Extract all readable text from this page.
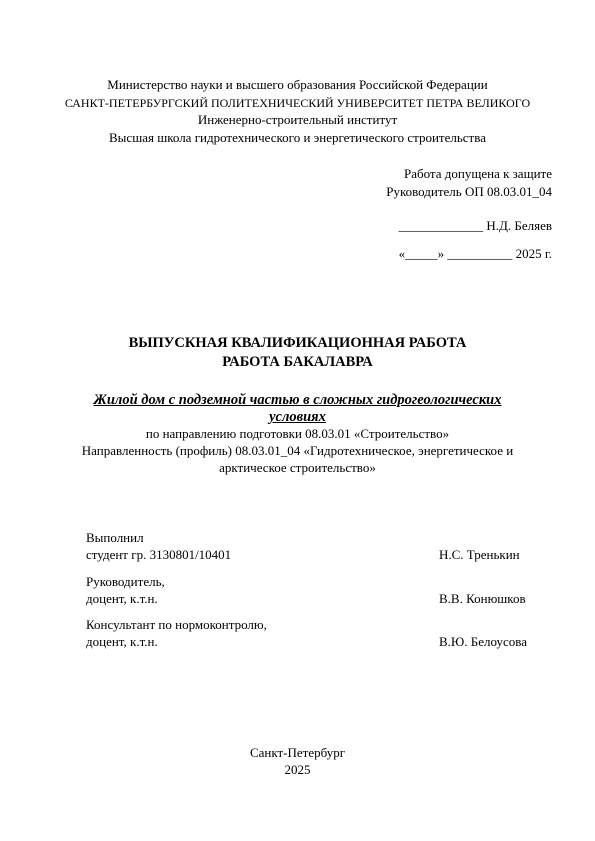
Министерство науки и высшего образования Российской Федерации
САНКТ-ПЕТЕРБУРГСКИЙ ПОЛИТЕХНИЧЕСКИЙ УНИВЕРСИТЕТ ПЕТРА ВЕЛИКОГО
Инженерно-строительный институт
Высшая школа гидротехнического и энергетического строительства
Работа допущена к защите
Руководитель ОП 08.03.01_04
_____________ Н.Д. Беляев
«_____» __________ 2025 г.
ВЫПУСКНАЯ КВАЛИФИКАЦИОННАЯ РАБОТА
РАБОТА БАКАЛАВРА
Жилой дом с подземной частью в сложных гидрогеологических
условиях
по направлению подготовки 08.03.01 «Строительство»
Направленность (профиль) 08.03.01_04 «Гидротехническое, энергетическое и
арктическое строительство»
Выполнил
студент гр. 3130801/10401	Н.С. Тренькин
Руководитель,
доцент, к.т.н.	В.В. Конюшков
Консультант по нормоконтролю,
доцент, к.т.н.	В.Ю. Белоусова
Санкт-Петербург
2025
